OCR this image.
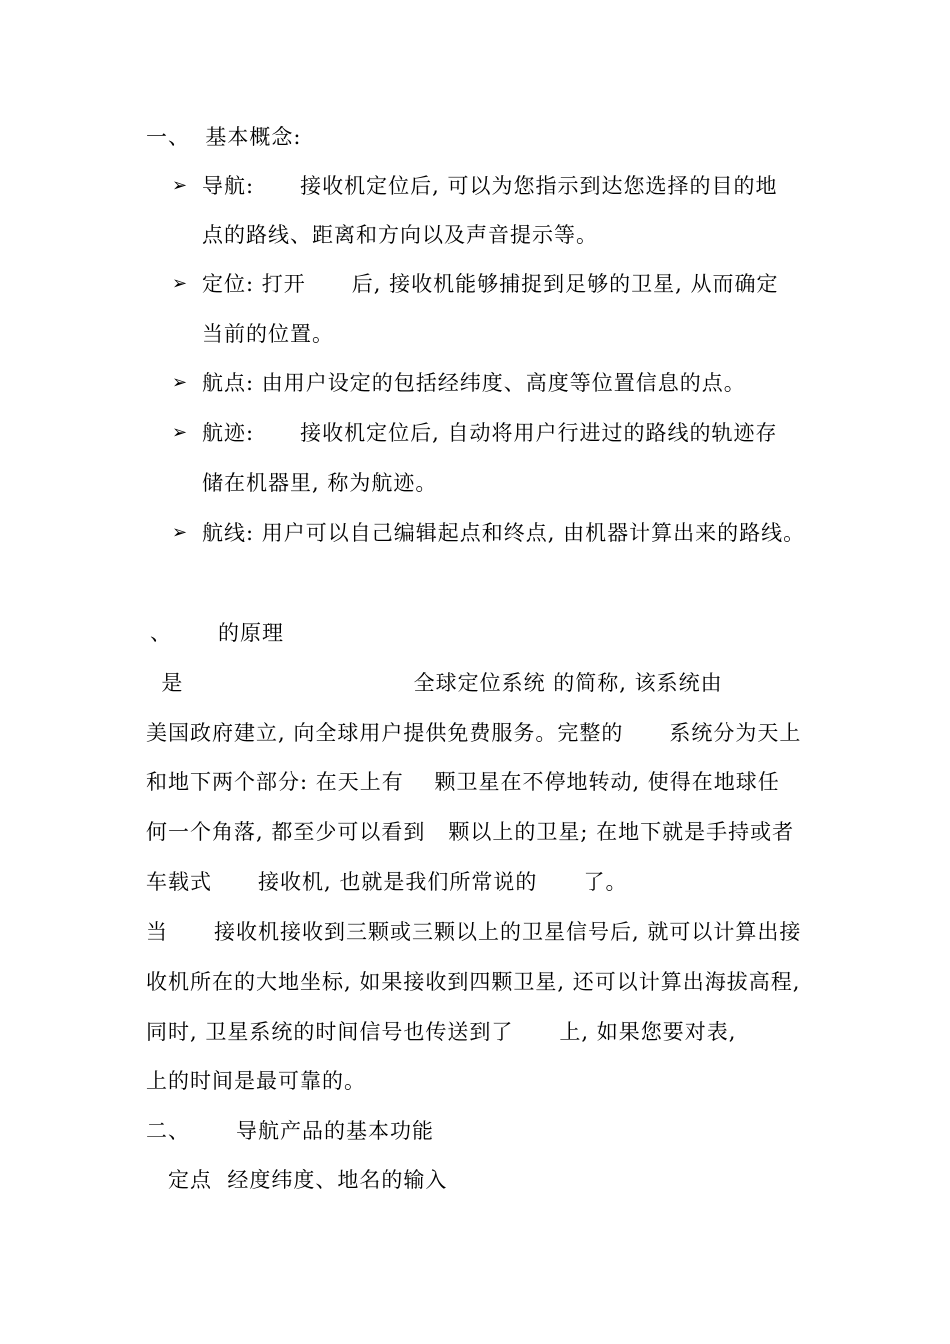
一、  基本概念:
➢ 导航:      接收机定位后, 可以为您指示到达您选择的目的地
点的路线、距离和方向以及声音提示等。
➢ 定位: 打开      后, 接收机能够捕捉到足够的卫星, 从而确定
当前的位置。
➢ 航点: 由用户设定的包括经纬度、高度等位置信息的点。
➢ 航迹:      接收机定位后, 自动将用户行进过的路线的轨迹存
储在机器里, 称为航迹。
➢ 航线: 用户可以自己编辑起点和终点, 由机器计算出来的路线。
、      的原理
是                              全球定位系统 的简称, 该系统由
美国政府建立, 向全球用户提供免费服务。完整的      系统分为天上
和地下两个部分: 在天上有    颗卫星在不停地转动, 使得在地球任
何一个角落, 都至少可以看到   颗以上的卫星; 在地下就是手持或者
车载式      接收机, 也就是我们所常说的      了。
当      接收机接收到三颗或三颗以上的卫星信号后, 就可以计算出接
收机所在的大地坐标, 如果接收到四颗卫星, 还可以计算出海拔高程,
同时, 卫星系统的时间信号也传送到了      上, 如果您要对表,
上的时间是最可靠的。
二、      导航产品的基本功能
定点  经度纬度、地名的输入
